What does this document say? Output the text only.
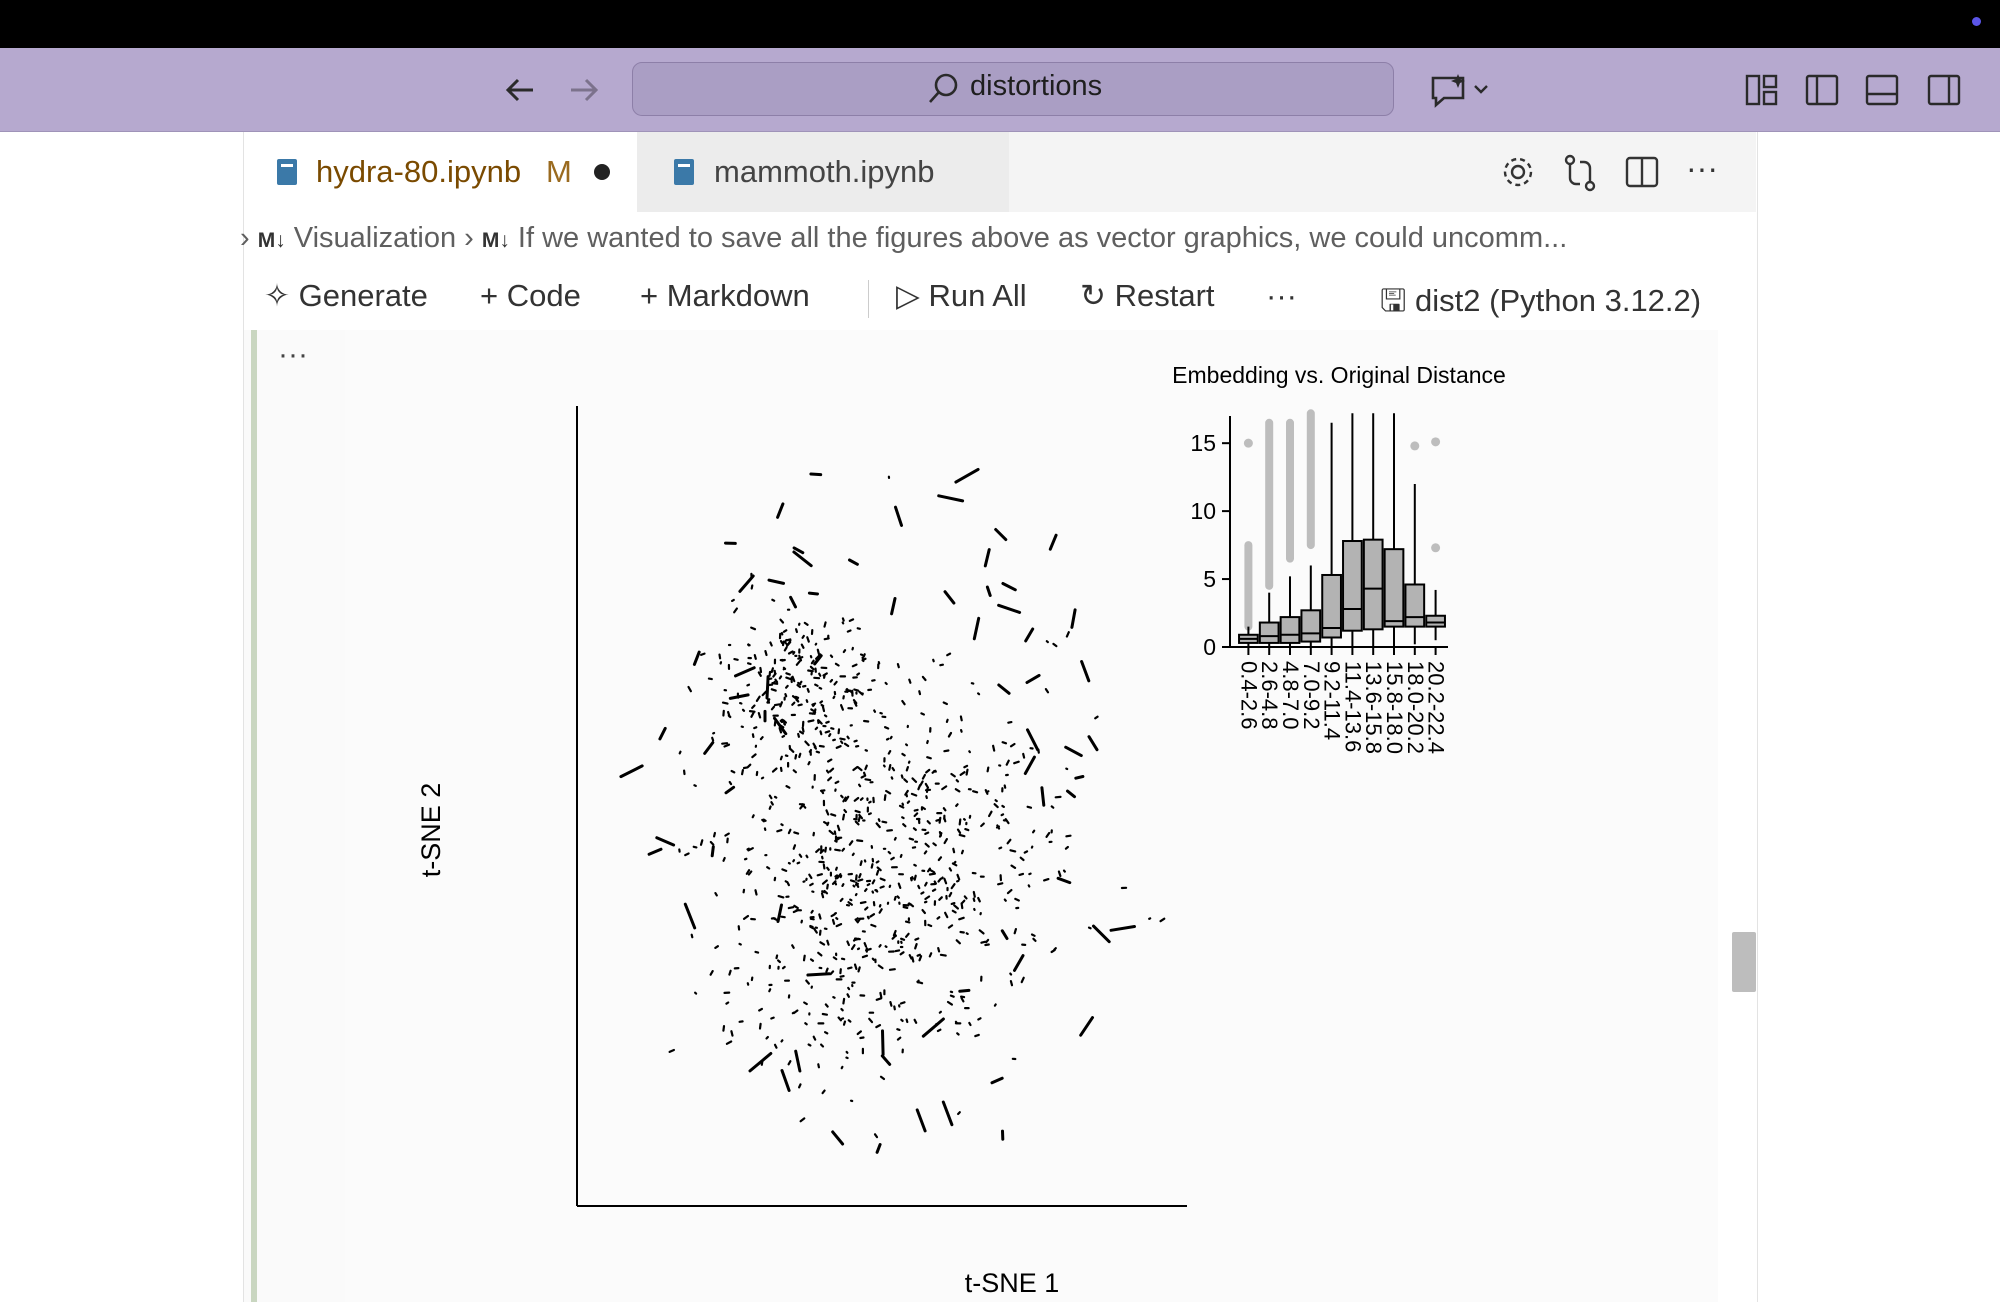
distortions
hydra-80.ipynb M	mammoth.ipynb	···
› M↓ Visualization › M↓ If we wanted to save all the figures above as vector graphics, we could uncomm...
✧ Generate + Code + Markdown	▷ Run All ↻ Restart ···	🖫 dist2 (Python 3.12.2)
···
t-SNE 1
t-SNE 2
Embedding vs. Original Distance
0
5
10
15
0.4-2.6
2.6-4.8
4.8-7.0
7.0-9.2
9.2-11.4
11.4-13.6
13.6-15.8
15.8-18.0
18.0-20.2
20.2-22.4
